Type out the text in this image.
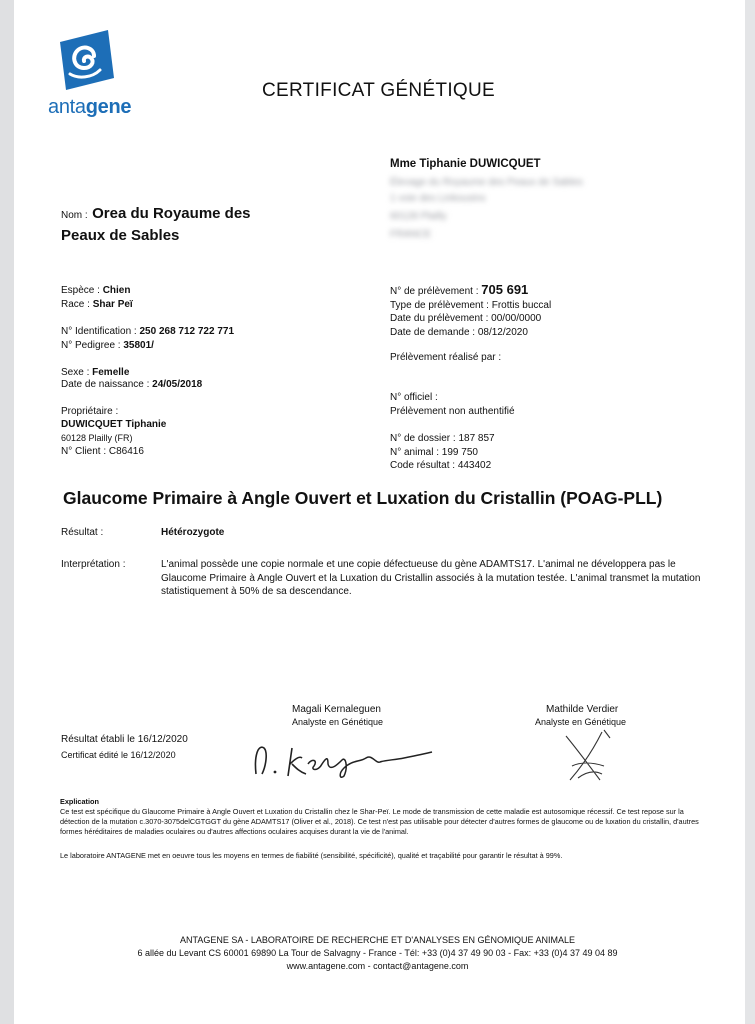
antagene
CERTIFICAT GÉNÉTIQUE
Mme Tiphanie DUWICQUET
Élevage du Royaume des Peaux de Sables
1 voie des Linkousins
60128 Plailly
FRANCE
Nom : Orea du Royaume des
Peaux de Sables
Espèce : Chien
Race : Shar Peï
N° Identification : 250 268 712 722 771
N° Pedigree : 35801/
Sexe : Femelle
Date de naissance : 24/05/2018
Propriétaire :
DUWICQUET Tiphanie
60128 Plailly (FR)
N° Client : C86416
N° de prélèvement : 705 691
Type de prélèvement : Frottis buccal
Date du prélèvement : 00/00/0000
Date de demande : 08/12/2020
Prélèvement réalisé par :
N° officiel :
Prélèvement non authentifié
N° de dossier : 187 857
N° animal : 199 750
Code résultat : 443402
Glaucome Primaire à Angle Ouvert et Luxation du Cristallin (POAG-PLL)
Résultat :	Hétérozygote
Interprétation :	L'animal possède une copie normale et une copie défectueuse du gène ADAMTS17. L'animal ne développera pas le Glaucome Primaire à Angle Ouvert et la Luxation du Cristallin associés à la mutation testée. L'animal transmet la mutation statistiquement à 50% de sa descendance.
Magali Kernaleguen
Analyste en Génétique
Mathilde Verdier
Analyste en Génétique
Résultat établi le 16/12/2020
Certificat édité le 16/12/2020
Explication
Ce test est spécifique du Glaucome Primaire à Angle Ouvert et Luxation du Cristallin chez le Shar-Peï. Le mode de transmission de cette maladie est autosomique récessif. Ce test repose sur la détection de la mutation c.3070-3075delCGTGGT du gène ADAMTS17 (Oliver et al., 2018). Ce test n'est pas utilisable pour détecter d'autres formes de glaucome ou de luxation du cristallin, d'autres formes héréditaires de maladies oculaires ou d'autres affections oculaires acquises durant la vie de l'animal.
Le laboratoire ANTAGENE met en oeuvre tous les moyens en termes de fiabilité (sensibilité, spécificité), qualité et traçabilité pour garantir le résultat à 99%.
ANTAGENE SA - LABORATOIRE DE RECHERCHE ET D'ANALYSES EN GÉNOMIQUE ANIMALE
6 allée du Levant CS 60001 69890 La Tour de Salvagny - France - Tél: +33 (0)4 37 49 90 03 - Fax: +33 (0)4 37 49 04 89
www.antagene.com - contact@antagene.com
